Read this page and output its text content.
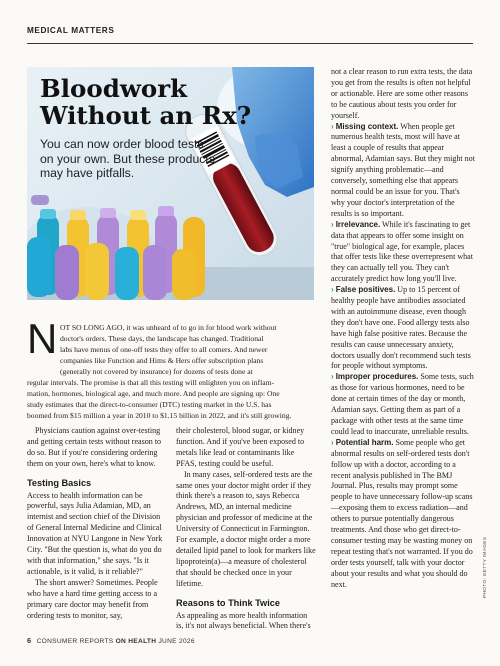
MEDICAL MATTERS
Bloodwork
Without an Rx?
You can now order blood tests on your own. But these products may have pitfalls.
N OT SO LONG AGO, it was unheard of to go in for blood work without
doctor's orders. These days, the landscape has changed. Traditional
labs have menus of one-off tests they offer to all comers. And newer
companies like Function and Hims & Hers offer subscription plans
(generally not covered by insurance) for dozens of tests done at
regular intervals. The promise is that all this testing will enlighten you on inflam-
mation, hormones, biological age, and much more. And people are signing up: One
study estimates that the direct-to-consumer (DTC) testing market in the U.S. has
boomed from $15 million a year in 2010 to $1.15 billion in 2022, and it's still growing.

Physicians caution against over-testing and getting certain tests without reason to do so. But if you're considering ordering them on your own, here's what to know.

Testing Basics

Access to health information can be powerful, says Julia Adamian, MD, an internist and section chief of the Division of General Internal Medicine and Clinical Innovation at NYU Langone in New York City. "But the question is, what do you do with that information," she says. "Is it actionable, is it valid, is it reliable?"

The short answer? Sometimes. People who have a hard time getting access to a primary care doctor may benefit from ordering tests to monitor, say,

their cholesterol, blood sugar, or kidney function. And if you've been exposed to metals like lead or contaminants like PFAS, testing could be useful.

In many cases, self-ordered tests are the same ones your doctor might order if they think there's a reason to, says Rebecca Andrews, MD, an internal medicine physician and professor of medicine at the University of Connecticut in Farmington. For example, a doctor might order a more detailed lipid panel to look for markers like lipoprotein(a)—a measure of cholesterol that should be checked once in your lifetime.

Reasons to Think Twice

As appealing as more health information is, it's not always beneficial. When there's

not a clear reason to run extra tests, the data you get from the results is often not helpful or actionable. Here are some other reasons to be cautious about tests you order for yourself.

› Missing context. When people get numerous health tests, most will have at least a couple of results that appear abnormal, Adamian says. But they might not signify anything problematic—and conversely, something else that appears normal could be an issue for you. That's why your doctor's interpretation of the results is so important.

› Irrelevance. While it's fascinating to get data that appears to offer some insight on "true" biological age, for example, places that offer tests like these overrepresent what they can actually tell you. They can't accurately predict how long you'll live.

› False positives. Up to 15 percent of healthy people have antibodies associated with an autoimmune disease, even though they don't have one. Food allergy tests also have high false positive rates. Because the results can cause unnecessary anxiety, doctors usually don't recommend such tests for people without symptoms.

› Improper procedures. Some tests, such as those for various hormones, need to be done at certain times of the day or month, Adamian says. Getting them as part of a package with other tests at the same time could lead to inaccurate, unreliable results.

› Potential harm. Some people who get abnormal results on self-ordered tests don't follow up with a doctor, according to a recent analysis published in The BMJ Journal. Plus, results may prompt some people to have unnecessary follow-up scans—exposing them to excess radiation—and others to pursue potentially dangerous treatments. And those who get direct-to-consumer testing may be wasting money on repeat testing that's not warranted. If you do order tests yourself, talk with your doctor about your results and what you should do next.	PHOTO: GETTY IMAGES
6 CONSUMER REPORTS ON HEALTH JUNE 2026
